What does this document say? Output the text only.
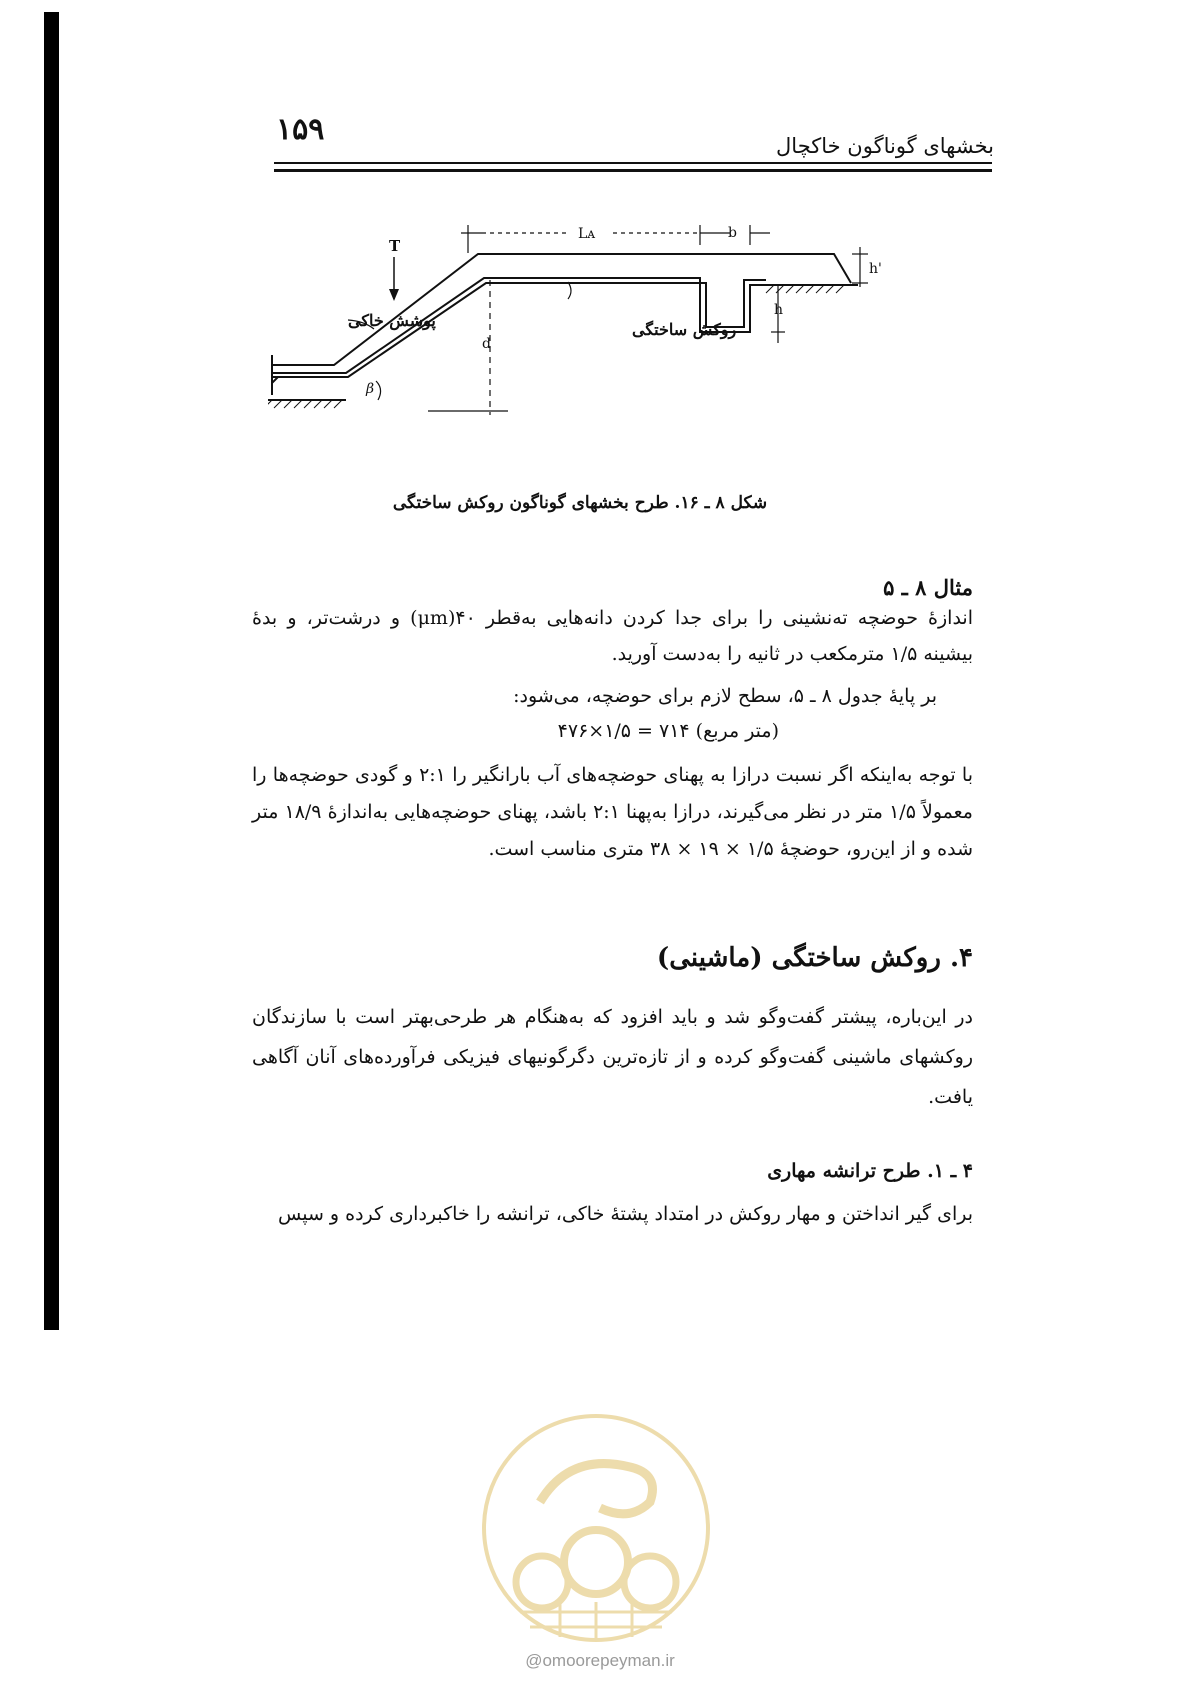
۱۵۹	بخشهای گوناگون خاکچال
T
Lᴀ	b
h'
h
d
β
پوشش خاکی	روکش ساختگی
شکل ۸ ـ ۱۶. طرح بخشهای گوناگون روکش ساختگی
مثال ۸ ـ ۵
اندازهٔ حوضچه ته‌نشینی را برای جدا کردن دانه‌هایی به‌قطر ۴۰(μm) و درشت‌تر، و بدهٔ بیشینه ۱/۵ مترمکعب در ثانیه را به‌دست آورید.
بر پایهٔ جدول ۸ ـ ۵، سطح لازم برای حوضچه، می‌شود:
(متر مربع) ۷۱۴ = ۱/۵×۴۷۶
با توجه به‌اینکه اگر نسبت درازا به پهنای حوضچه‌های آب بارانگیر را ۲:۱ و گودی حوضچه‌ها را معمولاً ۱/۵ متر در نظر می‌گیرند، درازا به‌پهنا ۲:۱ باشد، پهنای حوضچه‌هایی به‌اندازهٔ ۱۸/۹ متر شده و از این‌رو، حوضچهٔ ۱/۵ × ۱۹ × ۳۸ متری مناسب است.
۴. روکش ساختگی (ماشینی)
در این‌باره، پیشتر گفت‌وگو شد و باید افزود که به‌هنگام هر طرحی‌بهتر است با سازندگان روکشهای ماشینی گفت‌وگو کرده و از تازه‌ترین دگرگونیهای فیزیکی فرآورده‌های آنان آگاهی یافت.
۴ ـ ۱. طرح ترانشه مهاری
برای گیر انداختن و مهار روکش در امتداد پشتهٔ خاکی، ترانشه را خاکبرداری کرده و سپس
@omoorepeyman.ir
